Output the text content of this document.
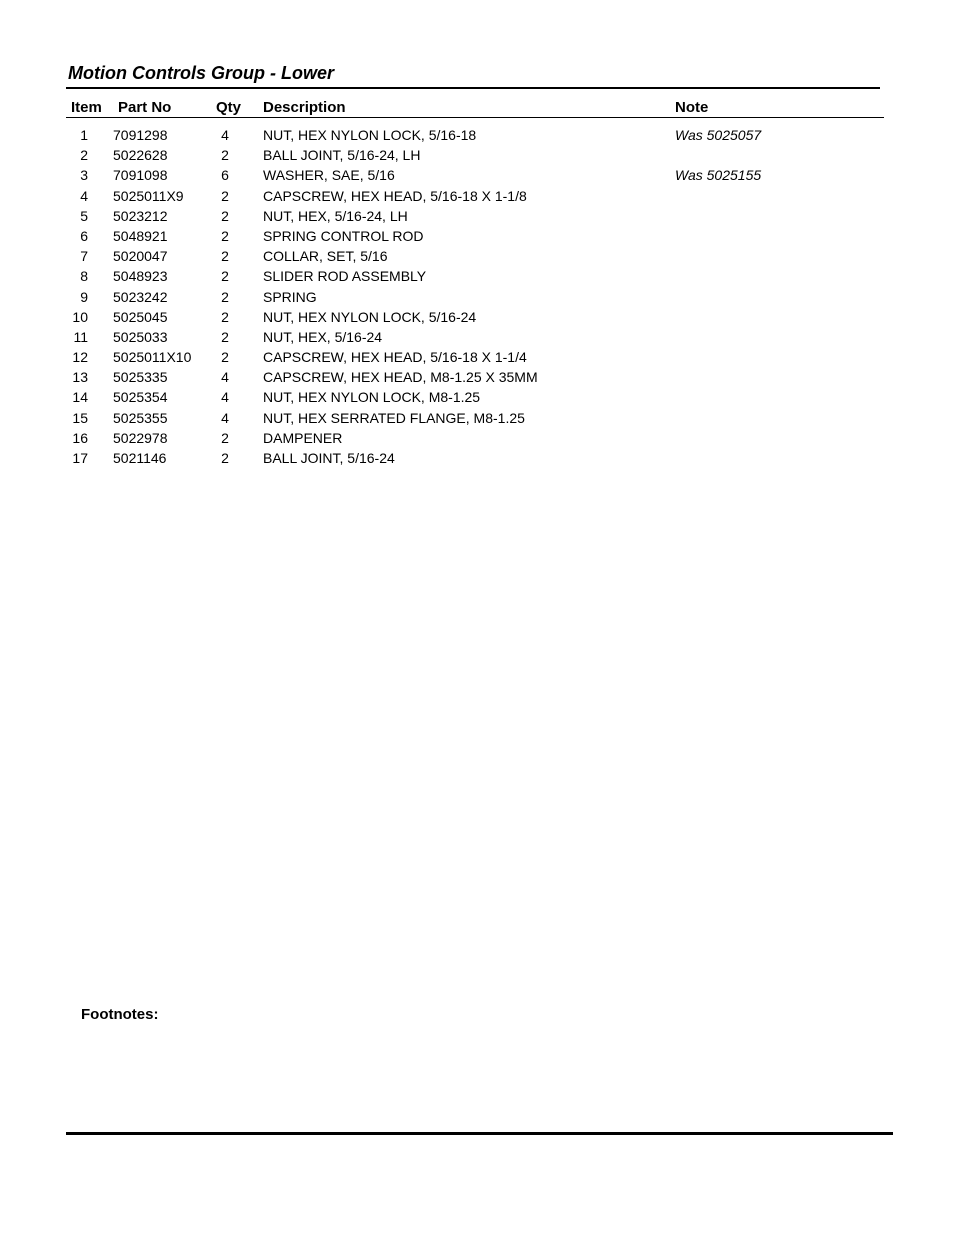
Motion Controls Group - Lower
Item Part No	Qty Description	Note
1 7091298	4	NUT, HEX NYLON LOCK, 5/16-18	Was 5025057
2 5022628	2	BALL JOINT, 5/16-24, LH
3 7091098	6	WASHER, SAE, 5/16	Was 5025155
4 5025011X9	2	CAPSCREW, HEX HEAD, 5/16-18 X 1-1/8
5 5023212	2	NUT, HEX, 5/16-24, LH
6 5048921	2	SPRING CONTROL ROD
7 5020047	2	COLLAR, SET, 5/16
8 5048923	2	SLIDER ROD ASSEMBLY
9 5023242	2	SPRING
10 5025045	2	NUT, HEX NYLON LOCK, 5/16-24
11 5025033	2	NUT, HEX, 5/16-24
12 5025011X10	2	CAPSCREW, HEX HEAD, 5/16-18 X 1-1/4
13 5025335	4	CAPSCREW, HEX HEAD, M8-1.25 X 35MM
14 5025354	4	NUT, HEX NYLON LOCK, M8-1.25
15 5025355	4	NUT, HEX SERRATED FLANGE, M8-1.25
16 5022978	2	DAMPENER
17 5021146	2	BALL JOINT, 5/16-24
Footnotes:
